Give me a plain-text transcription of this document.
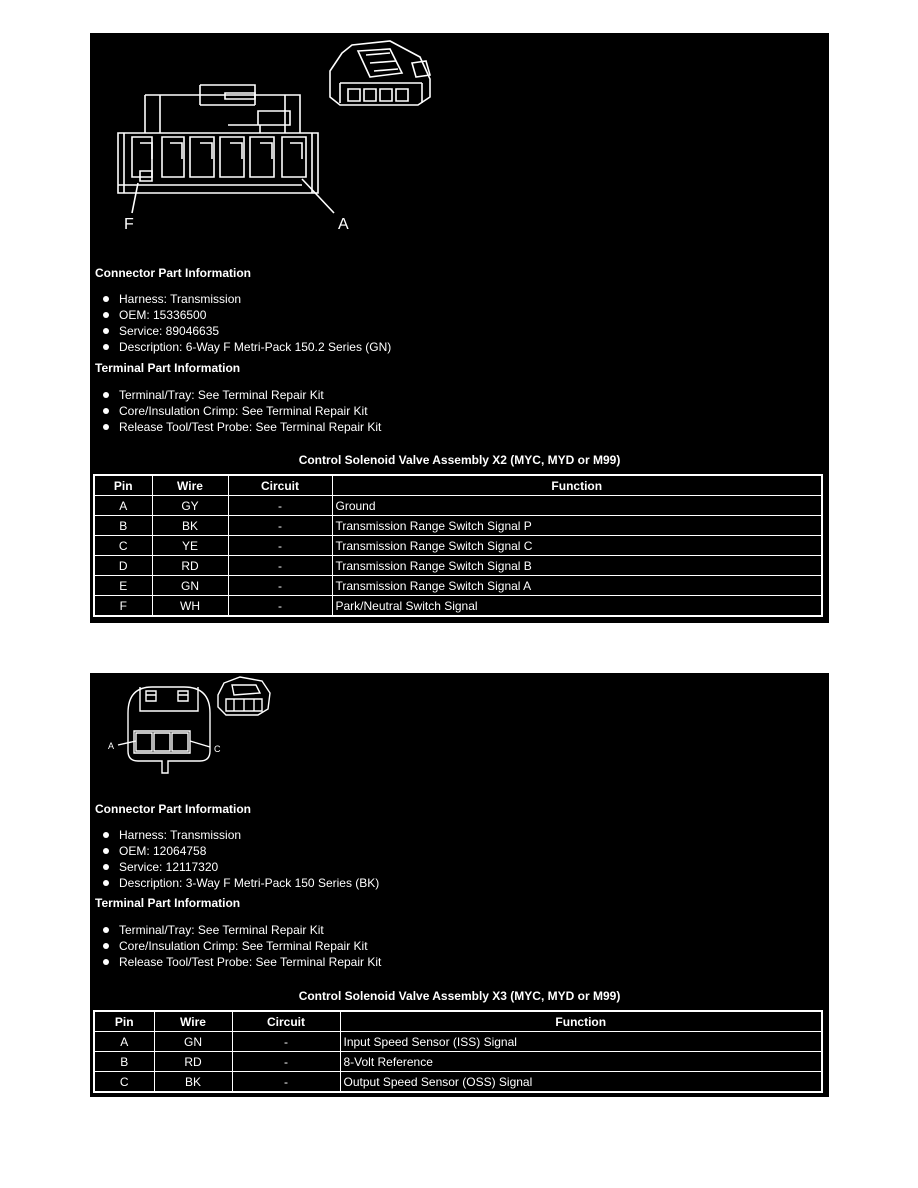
F	A
Connector Part Information
Harness: Transmission
OEM: 15336500
Service: 89046635
Description: 6-Way F Metri-Pack 150.2 Series (GN)
Terminal Part Information
Terminal/Tray: See Terminal Repair Kit
Core/Insulation Crimp: See Terminal Repair Kit
Release Tool/Test Probe: See Terminal Repair Kit
Control Solenoid Valve Assembly X2 (MYC, MYD or M99)
Pin	Wire	Circuit	Function
A	GY	-	Ground
B	BK	-	Transmission Range Switch Signal P
C	YE	-	Transmission Range Switch Signal C
D	RD	-	Transmission Range Switch Signal B
E	GN	-	Transmission Range Switch Signal A
F	WH	-	Park/Neutral Switch Signal
A	C
Connector Part Information
Harness: Transmission
OEM: 12064758
Service: 12117320
Description: 3-Way F Metri-Pack 150 Series (BK)
Terminal Part Information
Terminal/Tray: See Terminal Repair Kit
Core/Insulation Crimp: See Terminal Repair Kit
Release Tool/Test Probe: See Terminal Repair Kit
Control Solenoid Valve Assembly X3 (MYC, MYD or M99)
Pin	Wire	Circuit	Function
A	GN	-	Input Speed Sensor (ISS) Signal
B	RD	-	8-Volt Reference
C	BK	-	Output Speed Sensor (OSS) Signal
